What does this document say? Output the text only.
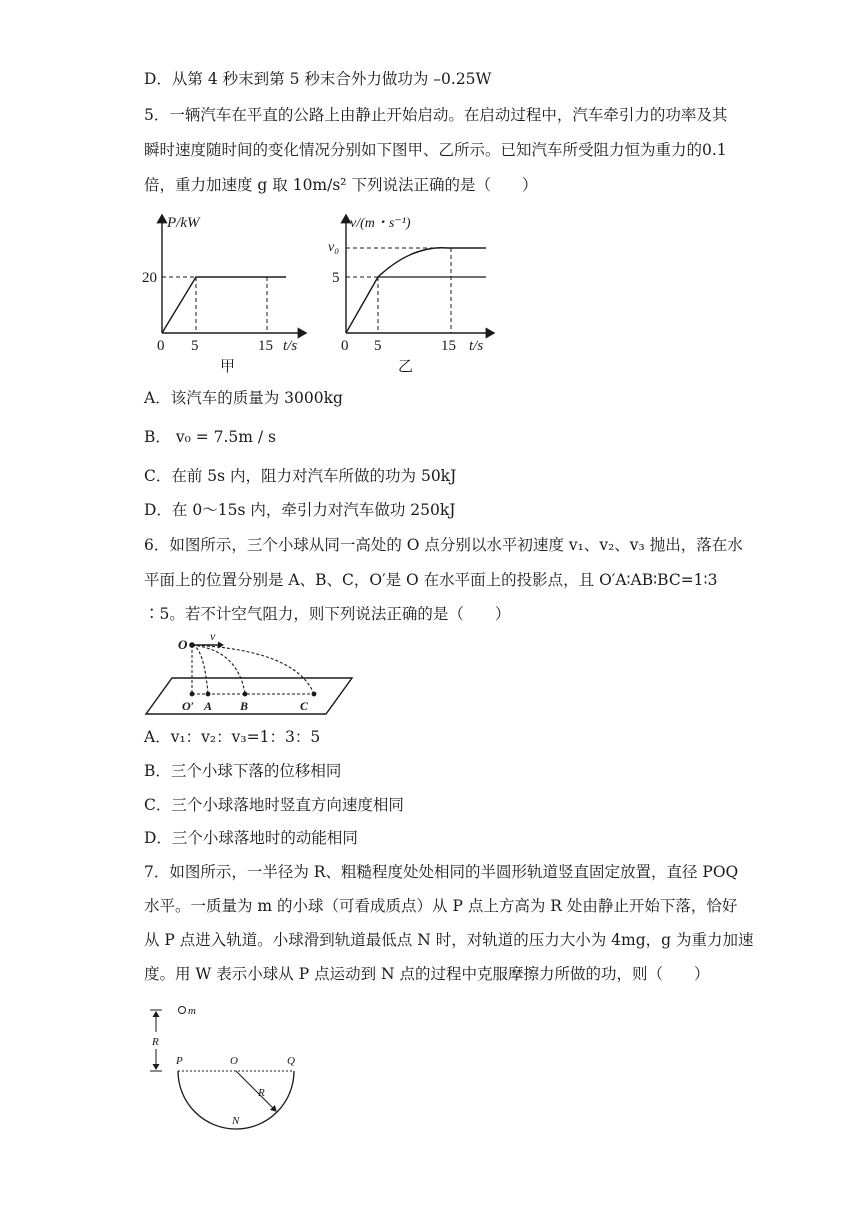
D．从第 4 秒末到第 5 秒末合外力做功为 –0.25W
5．一辆汽车在平直的公路上由静止开始启动。在启动过程中，汽车牵引力的功率及其
瞬时速度随时间的变化情况分别如下图甲、乙所示。已知汽车所受阻力恒为重力的0.1
倍，重力加速度 g 取 10m/s² 下列说法正确的是（　　）
P/kW
20
0 5	15 t/s
甲
v/(m・s⁻¹)
v₀
5
0 5	15 t/s
乙
A．该汽车的质量为 3000kg
B． v₀ = 7.5m / s
C．在前 5s 内，阻力对汽车所做的功为 50kJ
D．在 0～15s 内，牵引力对汽车做功 250kJ
6．如图所示，三个小球从同一高处的 O 点分别以水平初速度 v₁、v₂、v₃ 抛出，落在水
平面上的位置分别是 A、B、C，O′是 O 在水平面上的投影点，且 O′A∶AB∶BC=1∶3
∶5。若不计空气阻力，则下列说法正确的是（　　）
O
v
O′ A B	C
A．v₁：v₂：v₃=1：3：5
B．三个小球下落的位移相同
C．三个小球落地时竖直方向速度相同
D．三个小球落地时的动能相同
7．如图所示，一半径为 R、粗糙程度处处相同的半圆形轨道竖直固定放置，直径 POQ
水平。一质量为 m 的小球（可看成质点）从 P 点上方高为 R 处由静止开始下落，恰好
从 P 点进入轨道。小球滑到轨道最低点 N 时，对轨道的压力大小为 4mg，g 为重力加速
度。用 W 表示小球从 P 点运动到 N 点的过程中克服摩擦力所做的功，则（　　）
m
R
P	O	Q
R
N
